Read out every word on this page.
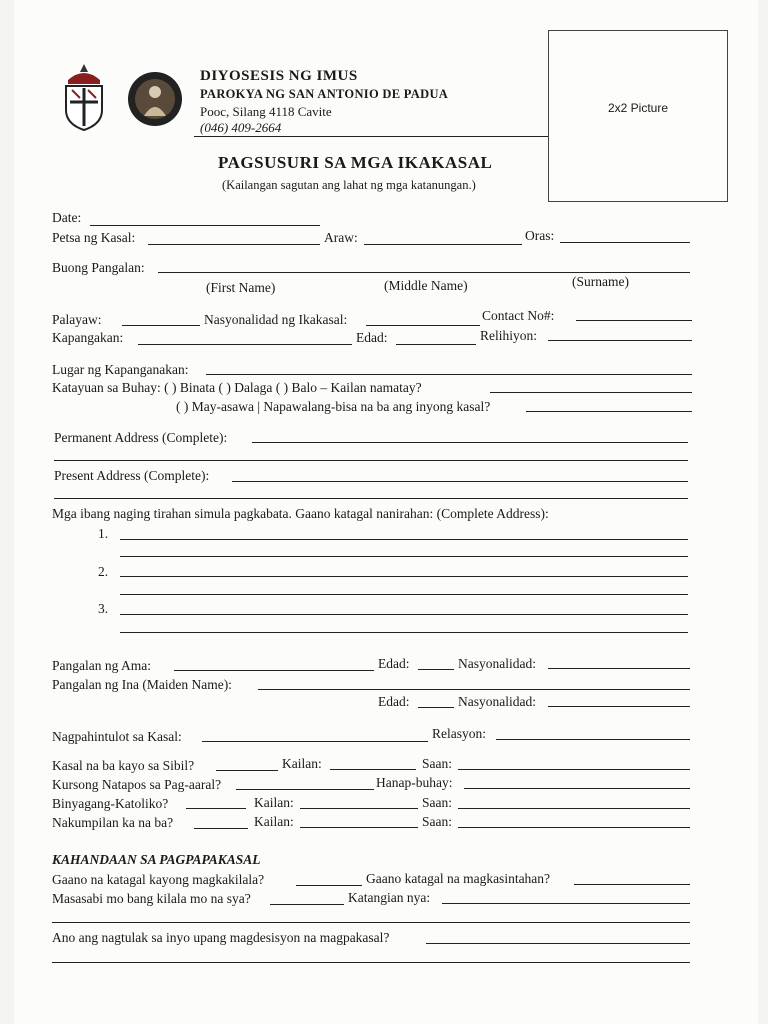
DIYOSESIS NG IMUS
PAROKYA NG SAN ANTONIO DE PADUA
Pooc, Silang 4118 Cavite
(046) 409-2664
2x2 Picture
PAGSUSURI SA MGA IKAKASAL
(Kailangan sagutan ang lahat ng mga katanungan.)
Date:
Petsa ng Kasal:	Araw:	Oras:
Buong Pangalan:
(First Name)	(Middle Name)	(Surname)
Palayaw:	Nasyonalidad ng Ikakasal:	Contact No#:
Kapangakan:	Edad:	Relihiyon:
Lugar ng Kapanganakan:
Katayuan sa Buhay: ( ) Binata ( ) Dalaga ( ) Balo – Kailan namatay?
( ) May-asawa | Napawalang-bisa na ba ang inyong kasal?
Permanent Address (Complete):
Present Address (Complete):
Mga ibang naging tirahan simula pagkabata. Gaano katagal nanirahan: (Complete Address):
1.
2.
3.
Pangalan ng Ama:	Edad:	Nasyonalidad:
Pangalan ng Ina (Maiden Name):
Edad:	Nasyonalidad:
Nagpahintulot sa Kasal:	Relasyon:
Kasal na ba kayo sa Sibil?	Kailan:	Saan:
Kursong Natapos sa Pag-aaral?	Hanap-buhay:
Binyagang-Katoliko?	Kailan:	Saan:
Nakumpilan ka na ba?	Kailan:	Saan:
KAHANDAAN SA PAGPAPAKASAL
Gaano na katagal kayong magkakilala?	Gaano katagal na magkasintahan?
Masasabi mo bang kilala mo na sya?	Katangian nya:
Ano ang nagtulak sa inyo upang magdesisyon na magpakasal?
